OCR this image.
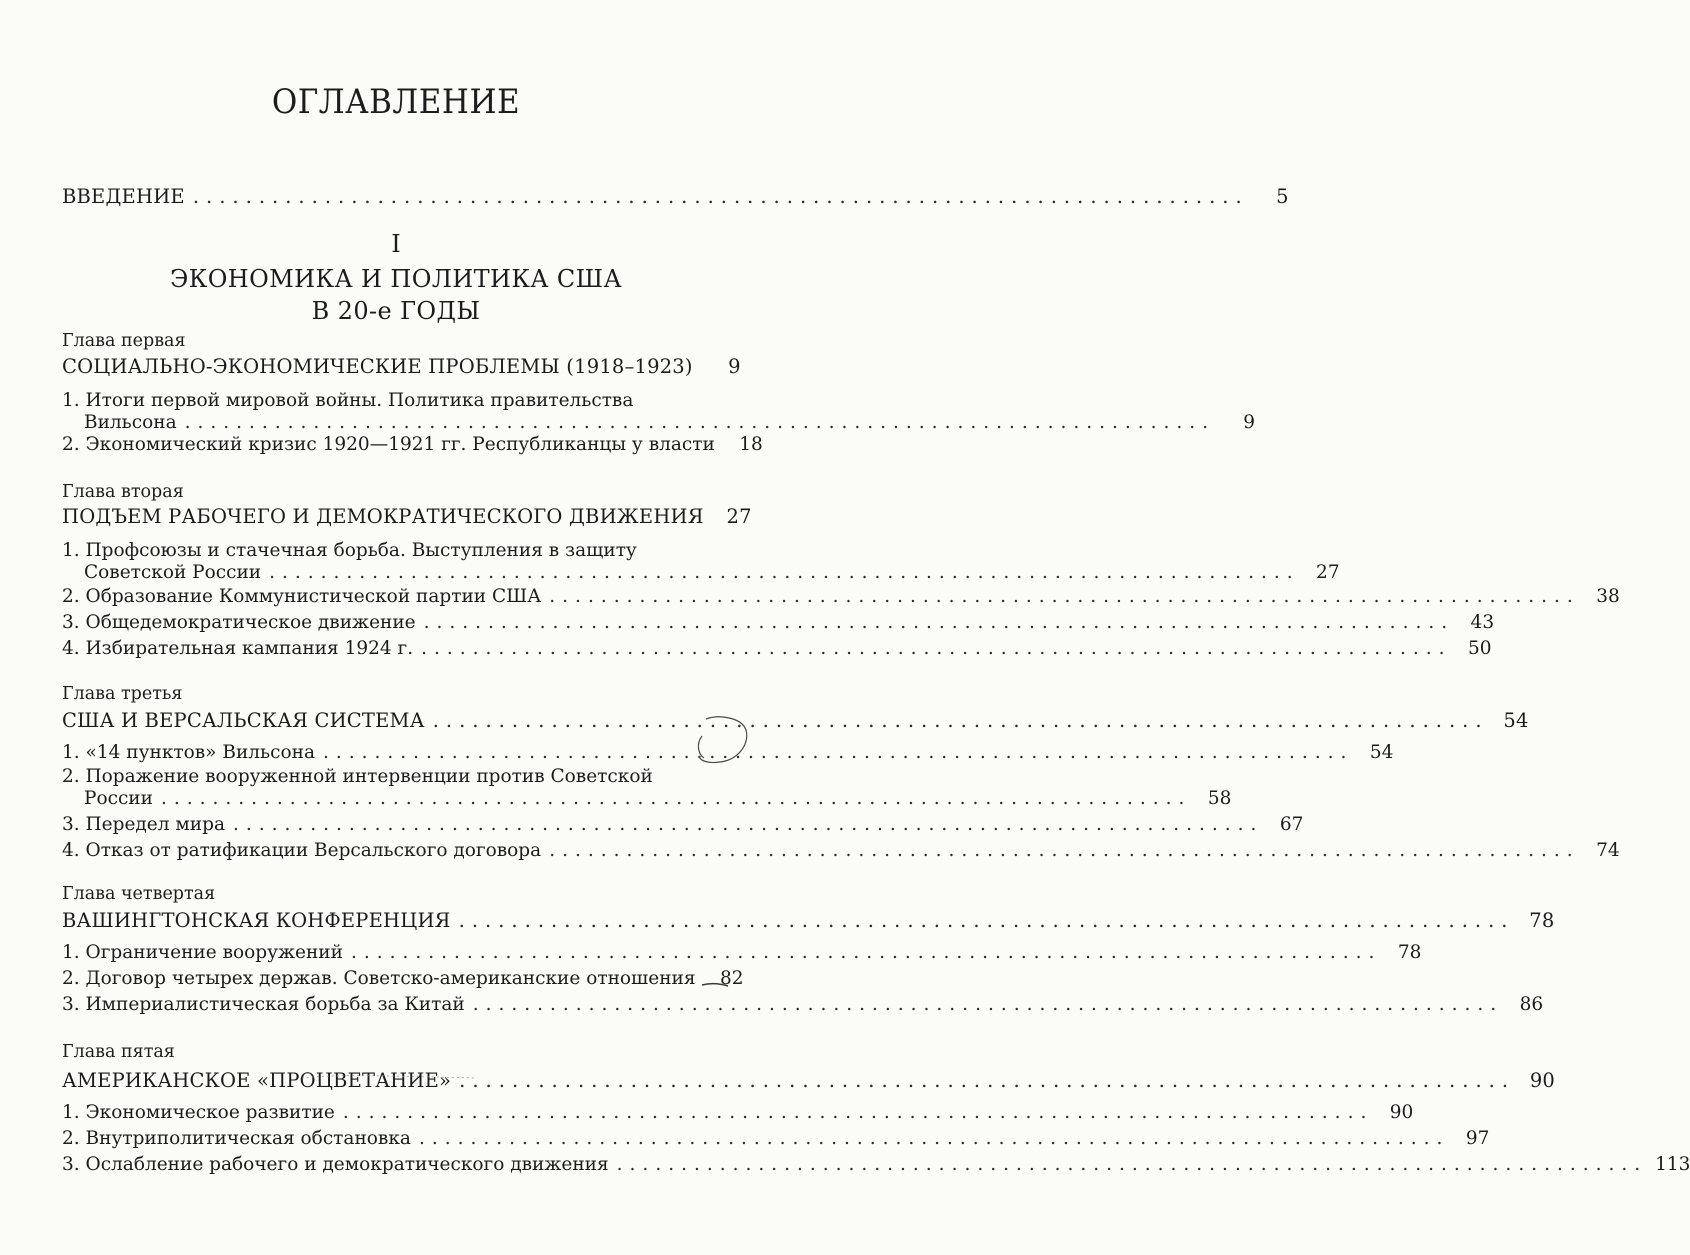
ОГЛАВЛЕНИЕ
ВВЕДЕНИЕ ................................................................................	5
I
ЭКОНОМИКА И ПОЛИТИКА США
В 20-е ГОДЫ
Глава первая
СОЦИАЛЬНО-ЭКОНОМИЧЕСКИЕ ПРОБЛЕМЫ (1918–1923)	9
1. Итоги первой мировой войны. Политика правительства
Вильсона ................................................................................	9
2. Экономический кризис 1920—1921 гг. Республиканцы у власти	18
Глава вторая
ПОДЪЕМ РАБОЧЕГО И ДЕМОКРАТИЧЕСКОГО ДВИЖЕНИЯ	27
1. Профсоюзы и стачечная борьба. Выступления в защиту
Советской России ................................................................................ 27
2. Образование Коммунистической партии США ................................................................................ 38
3. Общедемократическое движение ................................................................................ 43
4. Избирательная кампания 1924 г. ................................................................................ 50
Глава третья
США И ВЕРСАЛЬСКАЯ СИСТЕМА ................................................................................ 54
1. «14 пунктов» Вильсона ................................................................................ 54
2. Поражение вооруженной интервенции против Советской
России ................................................................................ 58
3. Передел мира ................................................................................ 67
4. Отказ от ратификации Версальского договора ................................................................................ 74
Глава четвертая
ВАШИНГТОНСКАЯ КОНФЕРЕНЦИЯ ................................................................................ 78
1. Ограничение вооружений ................................................................................ 78
2. Договор четырех держав. Советско-американские отношения	82
3. Империалистическая борьба за Китай ................................................................................ 86
Глава пятая
АМЕРИКАНСКОЕ «ПРОЦВЕТАНИЕ» ................................................................................ 90
1. Экономическое развитие ................................................................................ 90
2. Внутриполитическая обстановка ................................................................................ 97
3. Ослабление рабочего и демократического движения ................................................................................ 113
